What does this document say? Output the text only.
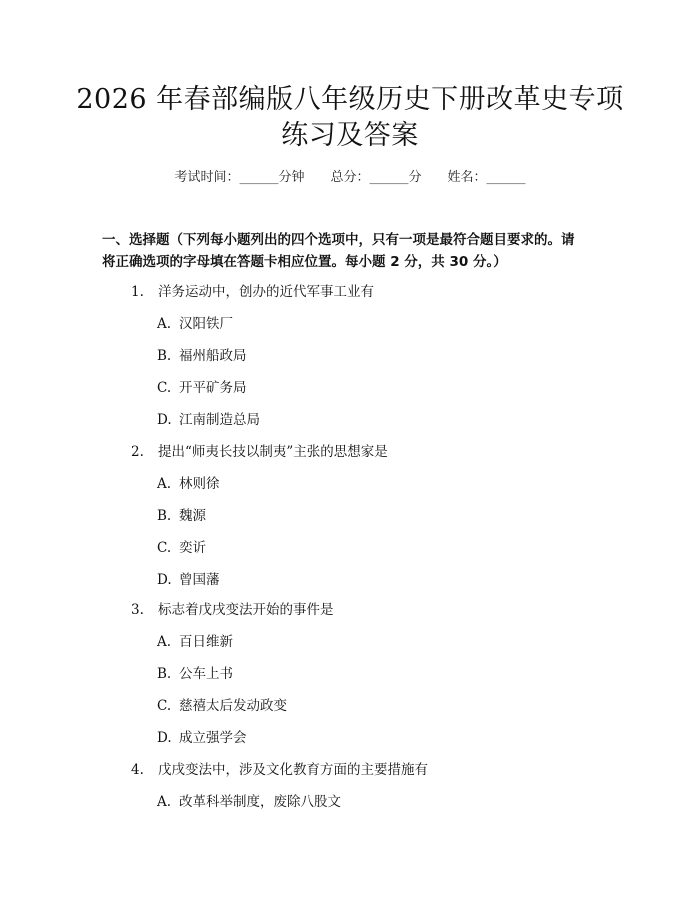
2026 年春部编版八年级历史下册改革史专项
练习及答案
考试时间：______分钟 总分：______分 姓名：______
一、选择题（下列每小题列出的四个选项中，只有一项是最符合题目要求的。请
将正确选项的字母填在答题卡相应位置。每小题 2 分，共 30 分。）
1. 洋务运动中，创办的近代军事工业有
A. 汉阳铁厂
B. 福州船政局
C. 开平矿务局
D. 江南制造总局
2. 提出“师夷长技以制夷”主张的思想家是
A. 林则徐
B. 魏源
C. 奕䜣
D. 曾国藩
3. 标志着戊戌变法开始的事件是
A. 百日维新
B. 公车上书
C. 慈禧太后发动政变
D. 成立强学会
4. 戊戌变法中，涉及文化教育方面的主要措施有
A. 改革科举制度，废除八股文
